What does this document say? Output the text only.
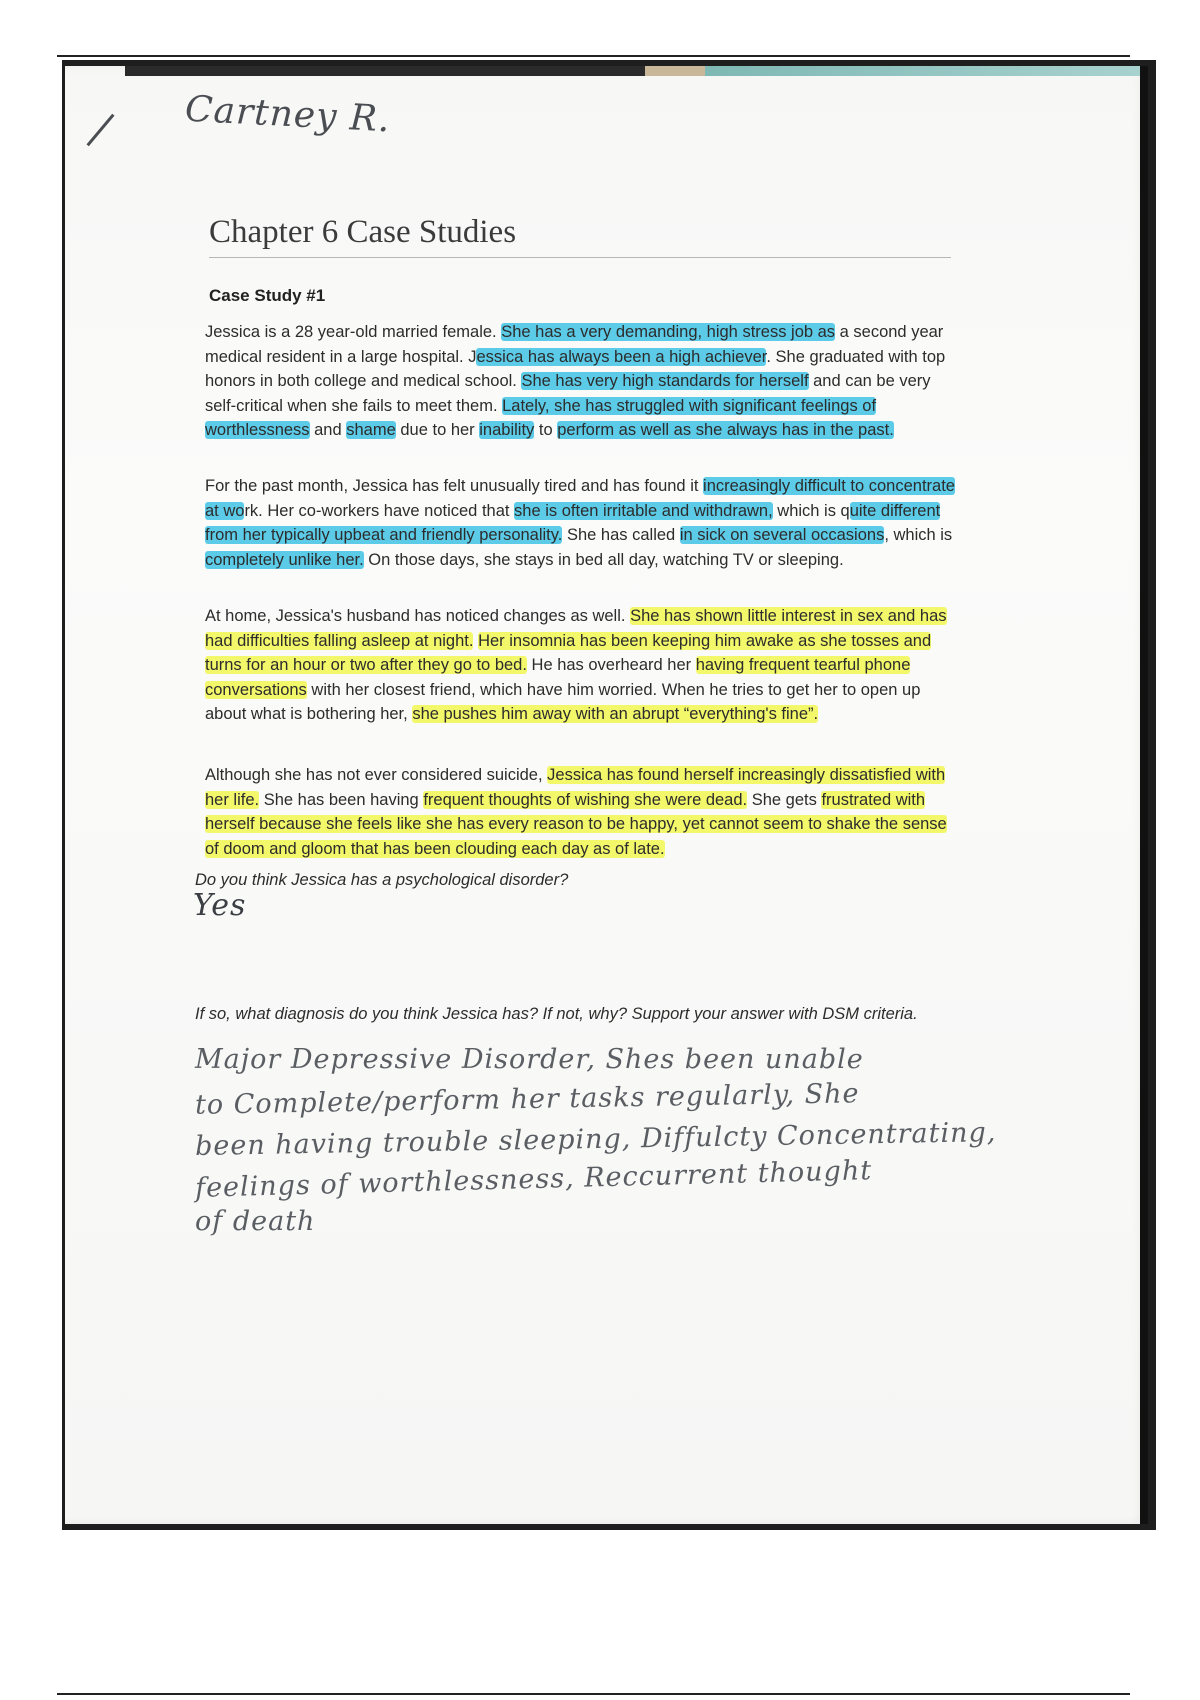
Cartney R.
Chapter 6 Case Studies
Case Study #1
Jessica is a 28 year-old married female. She has a very demanding, high stress job as a second year medical resident in a large hospital. Jessica has always been a high achiever. She graduated with top honors in both college and medical school. She has very high standards for herself and can be very self-critical when she fails to meet them. Lately, she has struggled with significant feelings of worthlessness and shame due to her inability to perform as well as she always has in the past.
For the past month, Jessica has felt unusually tired and has found it increasingly difficult to concentrate at work. Her co-workers have noticed that she is often irritable and withdrawn, which is quite different from her typically upbeat and friendly personality. She has called in sick on several occasions, which is completely unlike her. On those days, she stays in bed all day, watching TV or sleeping.
At home, Jessica's husband has noticed changes as well. She has shown little interest in sex and has had difficulties falling asleep at night. Her insomnia has been keeping him awake as she tosses and turns for an hour or two after they go to bed. He has overheard her having frequent tearful phone conversations with her closest friend, which have him worried. When he tries to get her to open up about what is bothering her, she pushes him away with an abrupt “everything's fine”.
Although she has not ever considered suicide, Jessica has found herself increasingly dissatisfied with her life. She has been having frequent thoughts of wishing she were dead. She gets frustrated with herself because she feels like she has every reason to be happy, yet cannot seem to shake the sense of doom and gloom that has been clouding each day as of late.
Do you think Jessica has a psychological disorder?
Yes
If so, what diagnosis do you think Jessica has? If not, why? Support your answer with DSM criteria.
Major Depressive Disorder, Shes been unable
to Complete/perform her tasks regularly, She
been having trouble sleeping, Diffulcty Concentrating,
feelings of worthlessness, Reccurrent thought
of death
